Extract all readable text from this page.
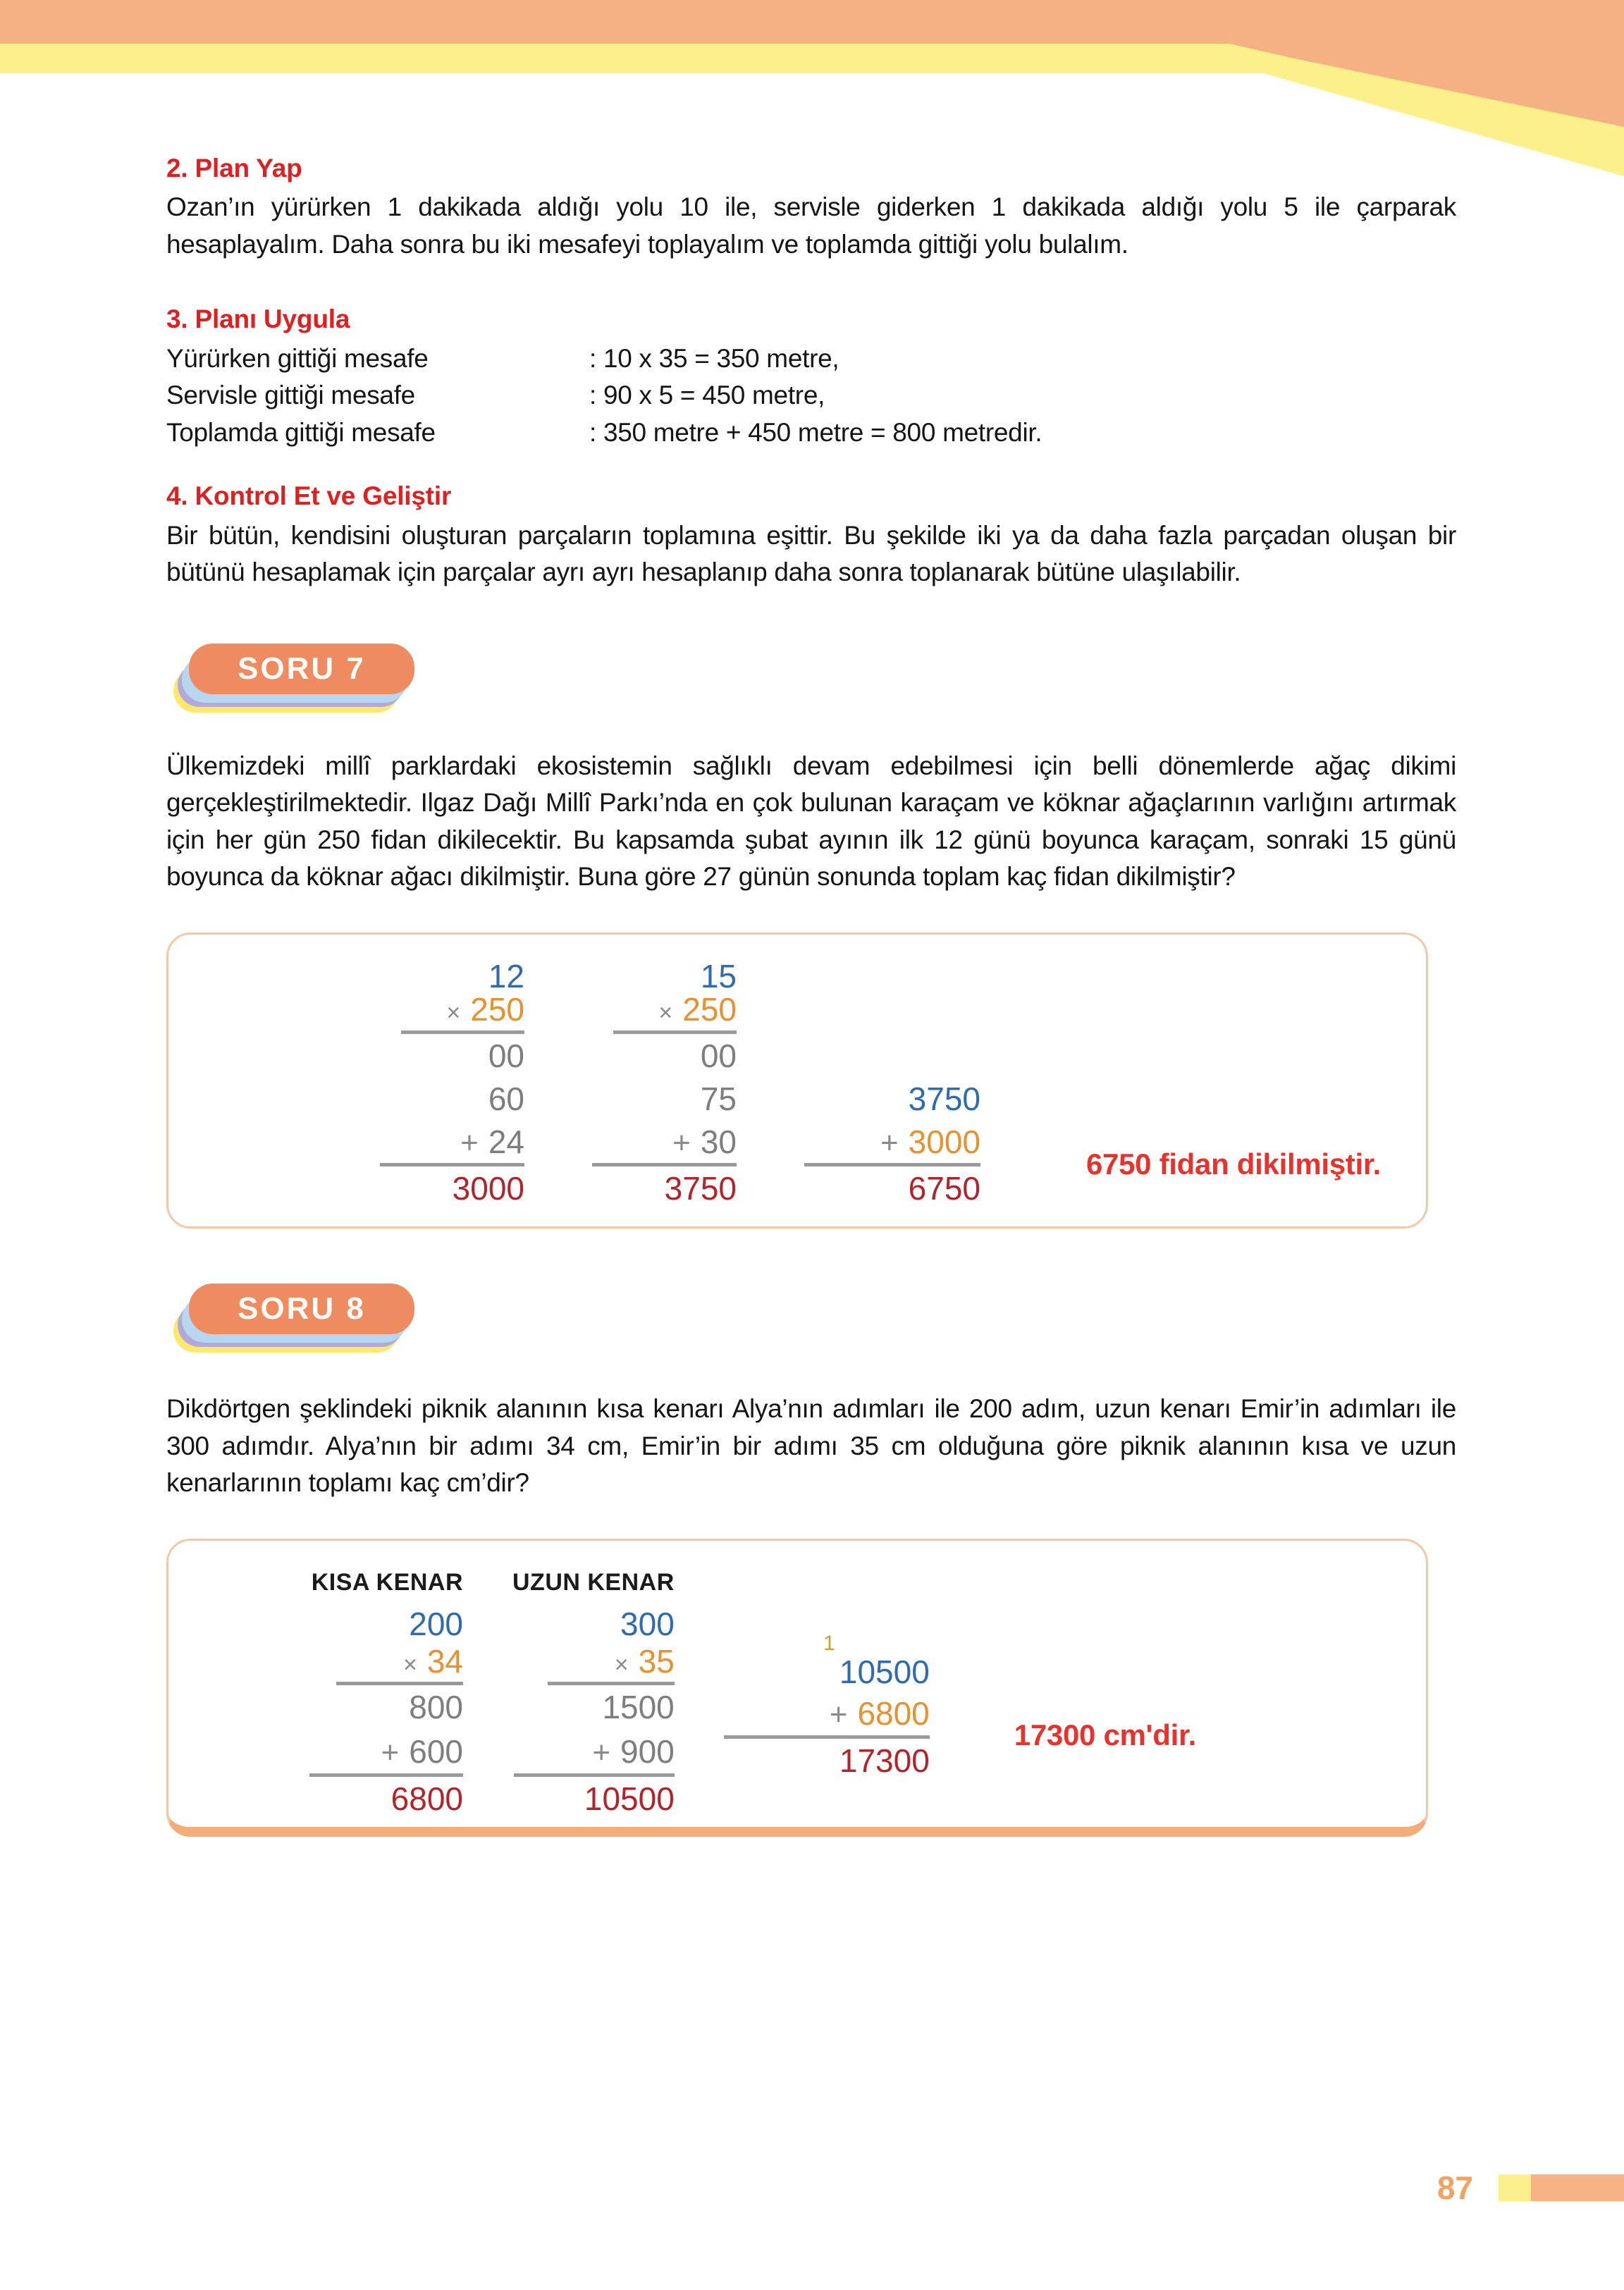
2. Plan Yap

Ozan’ın yürürken 1 dakikada aldığı yolu 10 ile, servisle giderken 1 dakikada aldığı yolu 5 ile çarparak hesaplayalım. Daha sonra bu iki mesafeyi toplayalım ve toplamda gittiği yolu bulalım.

3. Planı Uygula
Yürürken gittiği mesafe	: 10 x 35 = 350 metre,
Servisle gittiği mesafe	: 90 x 5 = 450 metre,
Toplamda gittiği mesafe	: 350 metre + 450 metre = 800 metredir.
4. Kontrol Et ve Geliştir

Bir bütün, kendisini oluşturan parçaların toplamına eşittir. Bu şekilde iki ya da daha fazla parçadan oluşan bir bütünü hesaplamak için parçalar ayrı ayrı hesaplanıp daha sonra toplanarak bütüne ulaşılabilir.

SORU 7

Ülkemizdeki millî parklardaki ekosistemin sağlıklı devam edebilmesi için belli dönemlerde ağaç dikimi gerçekleştirilmektedir. Ilgaz Dağı Millî Parkı’nda en çok bulunan karaçam ve köknar ağaçlarının varlığını artırmak için her gün 250 fidan dikilecektir. Bu kapsamda şubat ayının ilk 12 günü boyunca karaçam, sonraki 15 günü boyunca da köknar ağacı dikilmiştir. Buna göre 27 günün sonunda toplam kaç fidan dikilmiştir?

12
× 250
00
60
+ 24
3000
15
× 250
00
75
+ 30
3750
3750
+ 3000
6750
6750 fidan dikilmiştir.
SORU 8

Dikdörtgen şeklindeki piknik alanının kısa kenarı Alya’nın adımları ile 200 adım, uzun kenarı Emir’in adımları ile 300 adımdır. Alya’nın bir adımı 34 cm, Emir’in bir adımı 35 cm olduğuna göre piknik alanının kısa ve uzun kenarlarının toplamı kaç cm’dir?

KISA KENAR
200
× 34
800
+ 600
6800
UZUN KENAR
300
× 35
1500
+ 900
10500
1
10500
+ 6800
17300
17300 cm'dir.
87
